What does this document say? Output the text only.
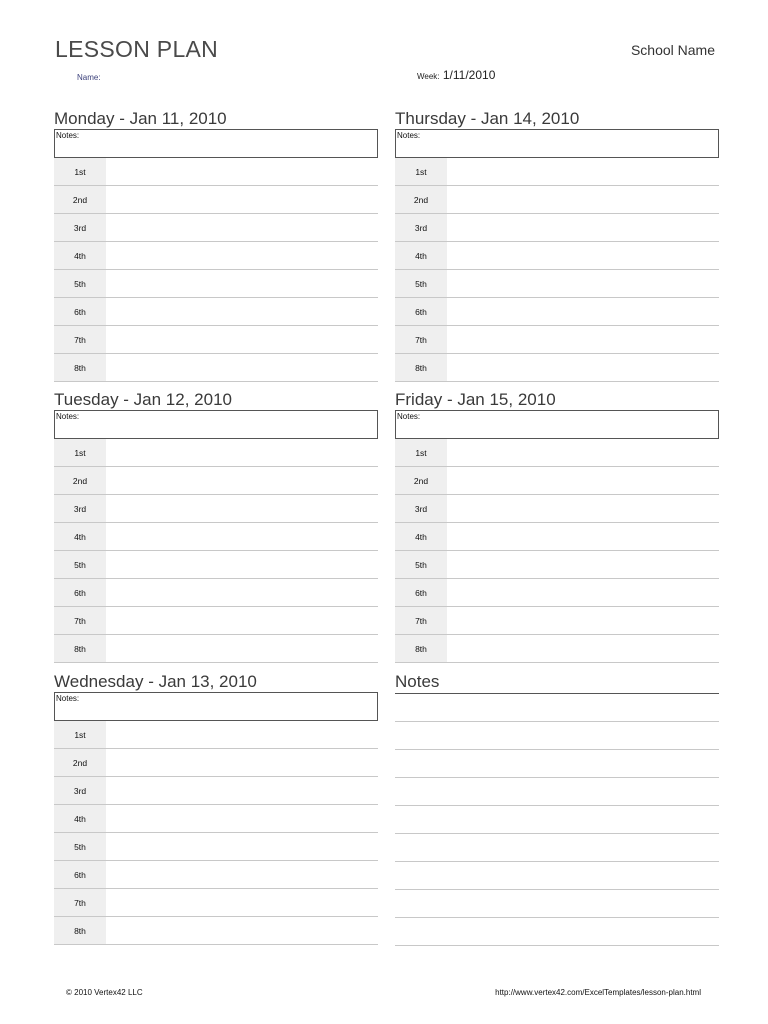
LESSON PLAN	School Name
Name:	Week: 1/11/2010
Monday - Jan 11, 2010
Notes:
1st
2nd
3rd
4th
5th
6th
7th
8th
Thursday - Jan 14, 2010
Notes:
1st
2nd
3rd
4th
5th
6th
7th
8th
Tuesday - Jan 12, 2010
Notes:
1st
2nd
3rd
4th
5th
6th
7th
8th
Friday - Jan 15, 2010
Notes:
1st
2nd
3rd
4th
5th
6th
7th
8th
Wednesday - Jan 13, 2010
Notes:
1st
2nd
3rd
4th
5th
6th
7th
8th
Notes
© 2010 Vertex42 LLC	http://www.vertex42.com/ExcelTemplates/lesson-plan.html
